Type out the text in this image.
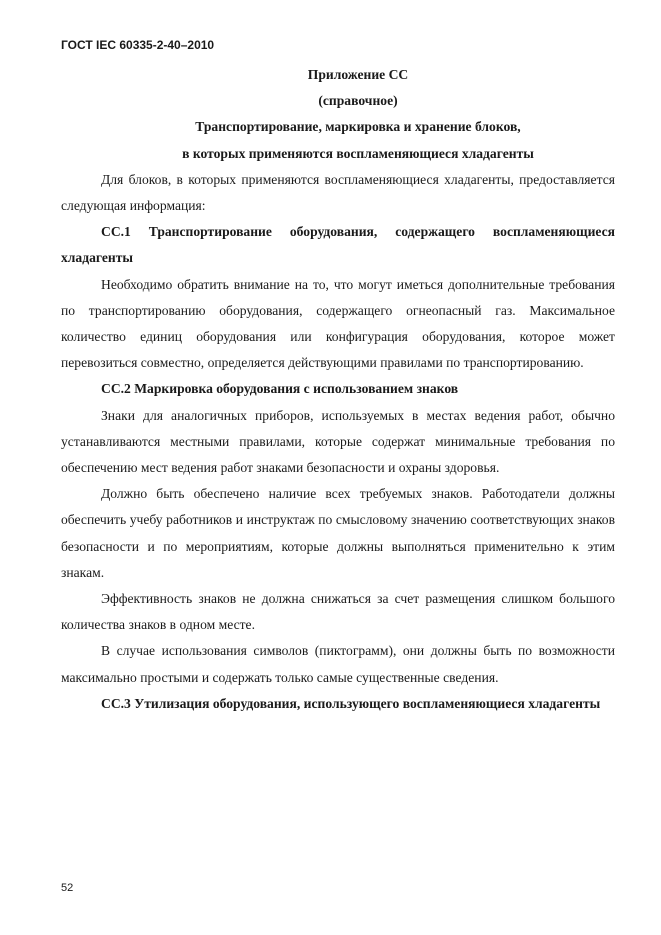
ГОСТ IEC 60335-2-40–2010

Приложение СС

(справочное)

Транспортирование, маркировка и хранение блоков,

в которых применяются воспламеняющиеся хладагенты

Для блоков, в которых применяются воспламеняющиеся хладагенты, предоставляется следующая информация:

СС.1 Транспортирование оборудования, содержащего воспламеняющиеся хладагенты

Необходимо обратить внимание на то, что могут иметься дополнительные требования по транспортированию оборудования, содержащего огнеопасный газ. Максимальное количество единиц оборудования или конфигурация оборудования, которое может перевозиться совместно, определяется действующими правилами по транспортированию.

СС.2 Маркировка оборудования с использованием знаков

Знаки для аналогичных приборов, используемых в местах ведения работ, обычно устанавливаются местными правилами, которые содержат минимальные требования по обеспечению мест ведения работ знаками безопасности и охраны здоровья.

Должно быть обеспечено наличие всех требуемых знаков. Работодатели должны обеспечить учебу работников и инструктаж по смысловому значению соответствующих знаков безопасности и по мероприятиям, которые должны выполняться применительно к этим знакам.

Эффективность знаков не должна снижаться за счет размещения слишком большого количества знаков в одном месте.

В случае использования символов (пиктограмм), они должны быть по возможности максимально простыми и содержать только самые существенные сведения.

СС.3 Утилизация оборудования, использующего воспламеняющиеся хладагенты

52
